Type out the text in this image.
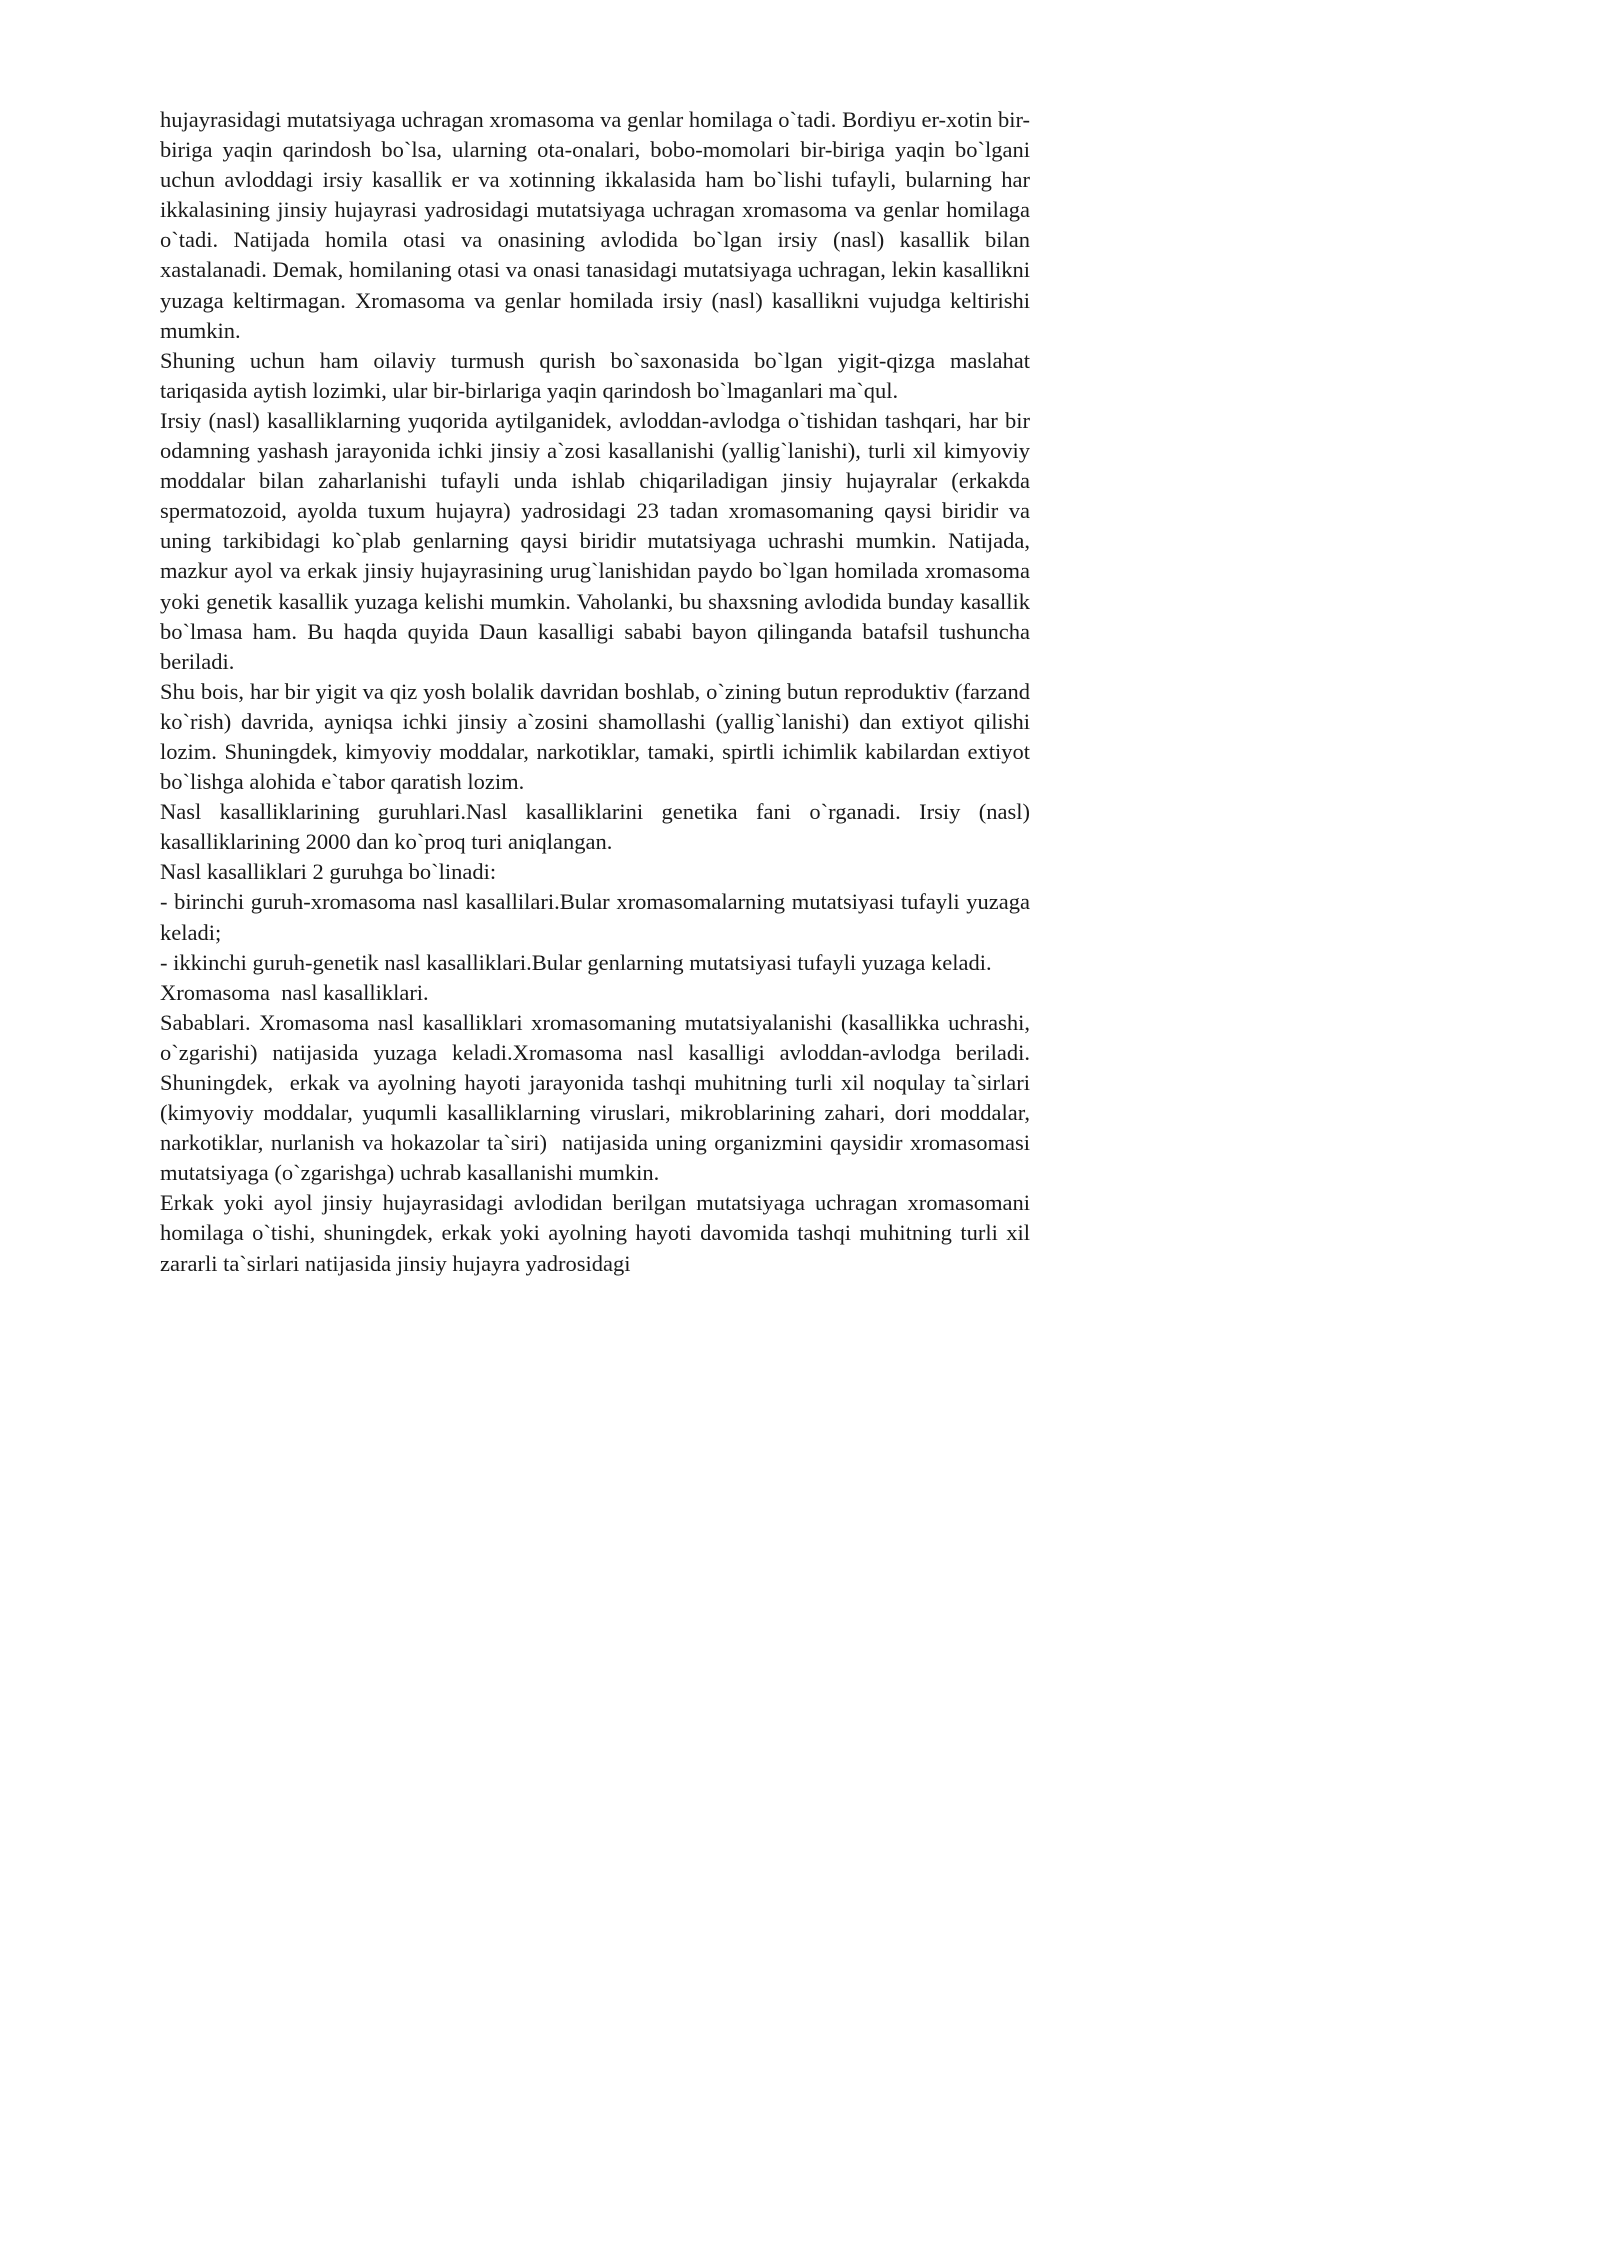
hujayrasidagi mutatsiyaga uchragan xromasoma va genlar homilaga o`tadi. Bordiyu er-xotin bir-biriga yaqin qarindosh bo`lsa, ularning ota-onalari, bobo-momolari bir-biriga yaqin bo`lgani uchun avloddagi irsiy kasallik er va xotinning ikkalasida ham bo`lishi tufayli, bularning har ikkalasining jinsiy hujayrasi yadrosidagi mutatsiyaga uchragan xromasoma va genlar homilaga o`tadi. Natijada homila otasi va onasining avlodida bo`lgan irsiy (nasl) kasallik bilan xastalanadi. Demak, homilaning otasi va onasi tanasidagi mutatsiyaga uchragan, lekin kasallikni yuzaga keltirmagan. Xromasoma va genlar homilada irsiy (nasl) kasallikni vujudga keltirishi mumkin.

Shuning uchun ham oilaviy turmush qurish bo`saxonasida bo`lgan yigit-qizga maslahat tariqasida aytish lozimki, ular bir-birlariga yaqin qarindosh bo`lmaganlari ma`qul.

Irsiy (nasl) kasalliklarning yuqorida aytilganidek, avloddan-avlodga o`tishidan tashqari, har bir odamning yashash jarayonida ichki jinsiy a`zosi kasallanishi (yallig`lanishi), turli xil kimyoviy moddalar bilan zaharlanishi tufayli unda ishlab chiqariladigan jinsiy hujayralar (erkakda spermatozoid, ayolda tuxum hujayra) yadrosidagi 23 tadan xromasomaning qaysi biridir va uning tarkibidagi ko`plab genlarning qaysi biridir mutatsiyaga uchrashi mumkin. Natijada, mazkur ayol va erkak jinsiy hujayrasining urug`lanishidan paydo bo`lgan homilada xromasoma yoki genetik kasallik yuzaga kelishi mumkin. Vaholanki, bu shaxsning avlodida bunday kasallik bo`lmasa ham. Bu haqda quyida Daun kasalligi sababi bayon qilinganda batafsil tushuncha beriladi.

Shu bois, har bir yigit va qiz yosh bolalik davridan boshlab, o`zining butun reproduktiv (farzand ko`rish) davrida, ayniqsa ichki jinsiy a`zosini shamollashi (yallig`lanishi) dan extiyot qilishi lozim. Shuningdek, kimyoviy moddalar, narkotiklar, tamaki, spirtli ichimlik kabilardan extiyot bo`lishga alohida e`tabor qaratish lozim.

Nasl kasalliklarining guruhlari.Nasl kasalliklarini genetika fani o`rganadi. Irsiy (nasl) kasalliklarining 2000 dan ko`proq turi aniqlangan.

Nasl kasalliklari 2 guruhga bo`linadi:

- birinchi guruh-xromasoma nasl kasallilari.Bular xromasomalarning mutatsiyasi tufayli yuzaga keladi;

- ikkinchi guruh-genetik nasl kasalliklari.Bular genlarning mutatsiyasi tufayli yuzaga keladi.

Xromasoma  nasl kasalliklari.

Sabablari. Xromasoma nasl kasalliklari xromasomaning mutatsiyalanishi (kasallikka uchrashi, o`zgarishi) natijasida yuzaga keladi.Xromasoma nasl kasalligi avloddan-avlodga beriladi. Shuningdek,  erkak va ayolning hayoti jarayonida tashqi muhitning turli xil noqulay ta`sirlari (kimyoviy moddalar, yuqumli kasalliklarning viruslari, mikroblarining zahari, dori moddalar, narkotiklar, nurlanish va hokazolar ta`siri)  natijasida uning organizmini qaysidir xromasomasi mutatsiyaga (o`zgarishga) uchrab kasallanishi mumkin.

Erkak yoki ayol jinsiy hujayrasidagi avlodidan berilgan mutatsiyaga uchragan xromasomani homilaga o`tishi, shuningdek, erkak yoki ayolning hayoti davomida tashqi muhitning turli xil zararli ta`sirlari natijasida jinsiy hujayra yadrosidagi
